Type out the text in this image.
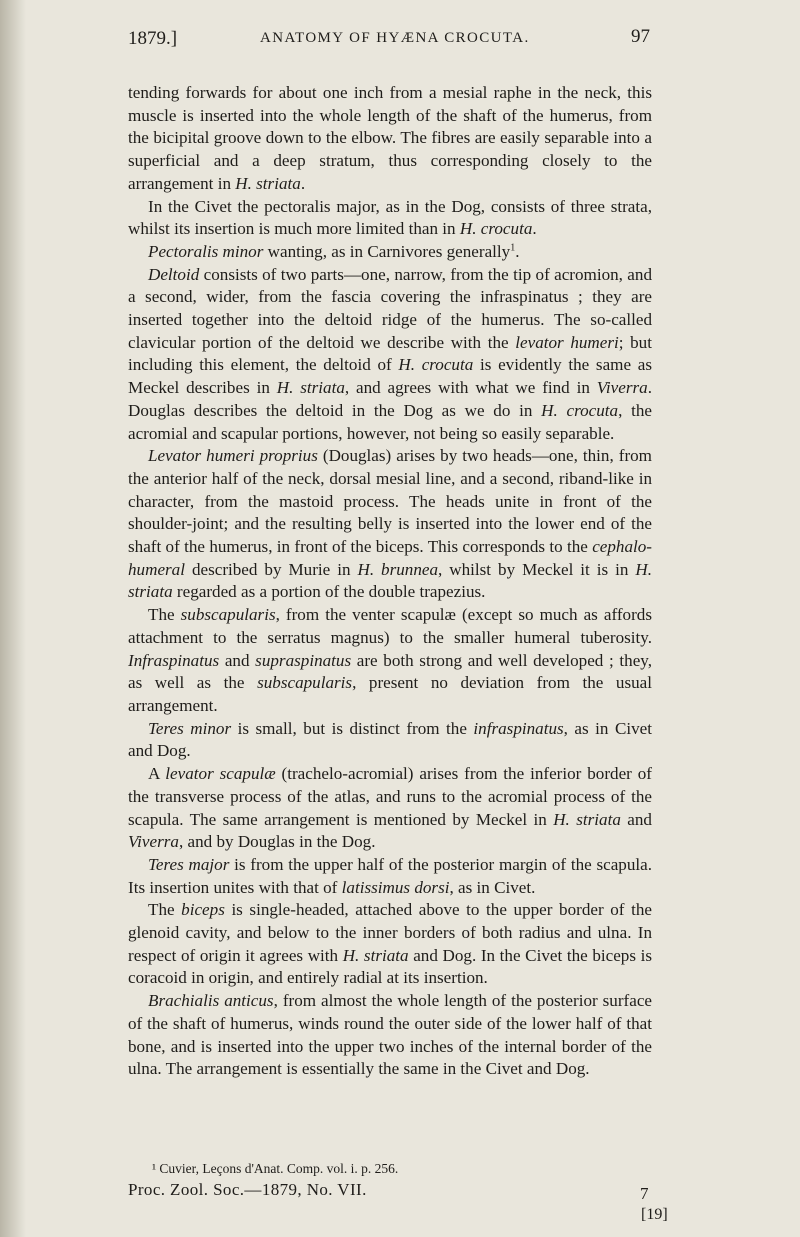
1879.]	ANATOMY OF HYÆNA CROCUTA.	97

tending forwards for about one inch from a mesial raphe in the neck, this muscle is inserted into the whole length of the shaft of the humerus, from the bicipital groove down to the elbow. The fibres are easily separable into a superficial and a deep stratum, thus corresponding closely to the arrangement in H. striata.

In the Civet the pectoralis major, as in the Dog, consists of three strata, whilst its insertion is much more limited than in H. crocuta.

Pectoralis minor wanting, as in Carnivores generally$^1$.

Deltoid consists of two parts—one, narrow, from the tip of acromion, and a second, wider, from the fascia covering the infraspinatus ; they are inserted together into the deltoid ridge of the humerus. The so-called clavicular portion of the deltoid we describe with the levator humeri; but including this element, the deltoid of H. crocuta is evidently the same as Meckel describes in H. striata, and agrees with what we find in Viverra. Douglas describes the deltoid in the Dog as we do in H. crocuta, the acromial and scapular portions, however, not being so easily separable.

Levator humeri proprius (Douglas) arises by two heads—one, thin, from the anterior half of the neck, dorsal mesial line, and a second, riband-like in character, from the mastoid process. The heads unite in front of the shoulder-joint; and the resulting belly is inserted into the lower end of the shaft of the humerus, in front of the biceps. This corresponds to the cephalo-humeral described by Murie in H. brunnea, whilst by Meckel it is in H. striata regarded as a portion of the double trapezius.

The subscapularis, from the venter scapulæ (except so much as affords attachment to the serratus magnus) to the smaller humeral tuberosity. Infraspinatus and supraspinatus are both strong and well developed ; they, as well as the subscapularis, present no deviation from the usual arrangement.

Teres minor is small, but is distinct from the infraspinatus, as in Civet and Dog.

A levator scapulæ (trachelo-acromial) arises from the inferior border of the transverse process of the atlas, and runs to the acromial process of the scapula. The same arrangement is mentioned by Meckel in H. striata and Viverra, and by Douglas in the Dog.

Teres major is from the upper half of the posterior margin of the scapula. Its insertion unites with that of latissimus dorsi, as in Civet.

The biceps is single-headed, attached above to the upper border of the glenoid cavity, and below to the inner borders of both radius and ulna. In respect of origin it agrees with H. striata and Dog. In the Civet the biceps is coracoid in origin, and entirely radial at its insertion.

Brachialis anticus, from almost the whole length of the posterior surface of the shaft of humerus, winds round the outer side of the lower half of that bone, and is inserted into the upper two inches of the internal border of the ulna. The arrangement is essentially the same in the Civet and Dog.

¹ Cuvier, Leçons d'Anat. Comp. vol. i. p. 256.
Proc. Zool. Soc.—1879, No. VII.	7
[19]
